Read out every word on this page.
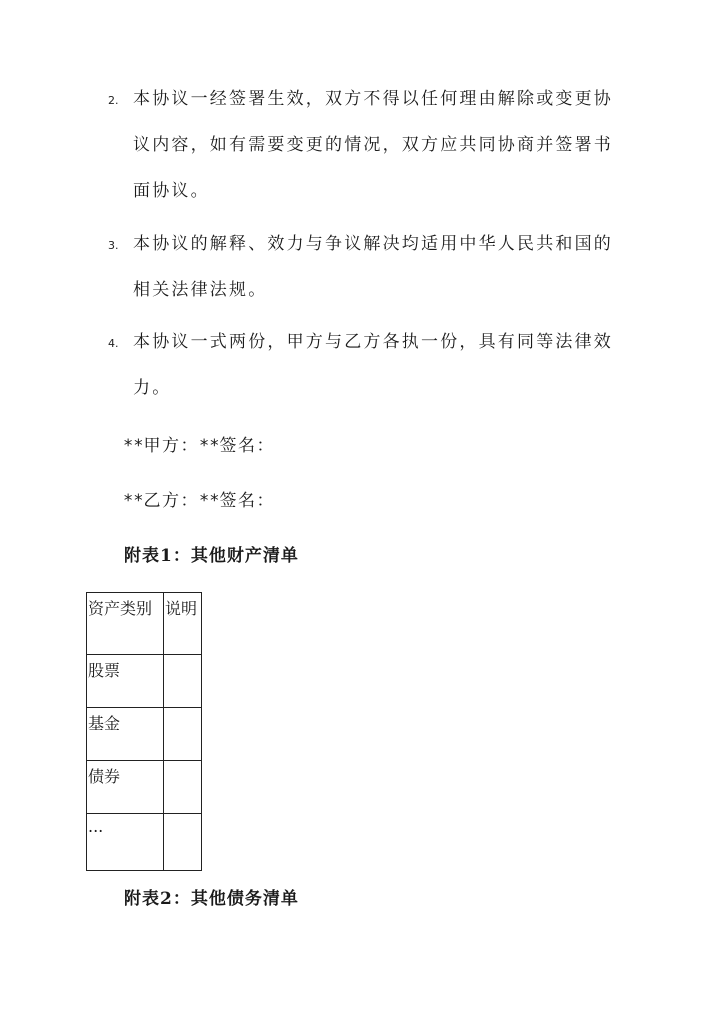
2. 本协议一经签署生效，双方不得以任何理由解除或变更协议内容，如有需要变更的情况，双方应共同协商并签署书面协议。

3. 本协议的解释、效力与争议解决均适用中华人民共和国的相关法律法规。

4. 本协议一式两份，甲方与乙方各执一份，具有同等法律效力。

**甲方：**签名：
**乙方：**签名：
附表1：其他财产清单
资产类别	说明
股票	
基金	
债券	
...	
附表2：其他债务清单
